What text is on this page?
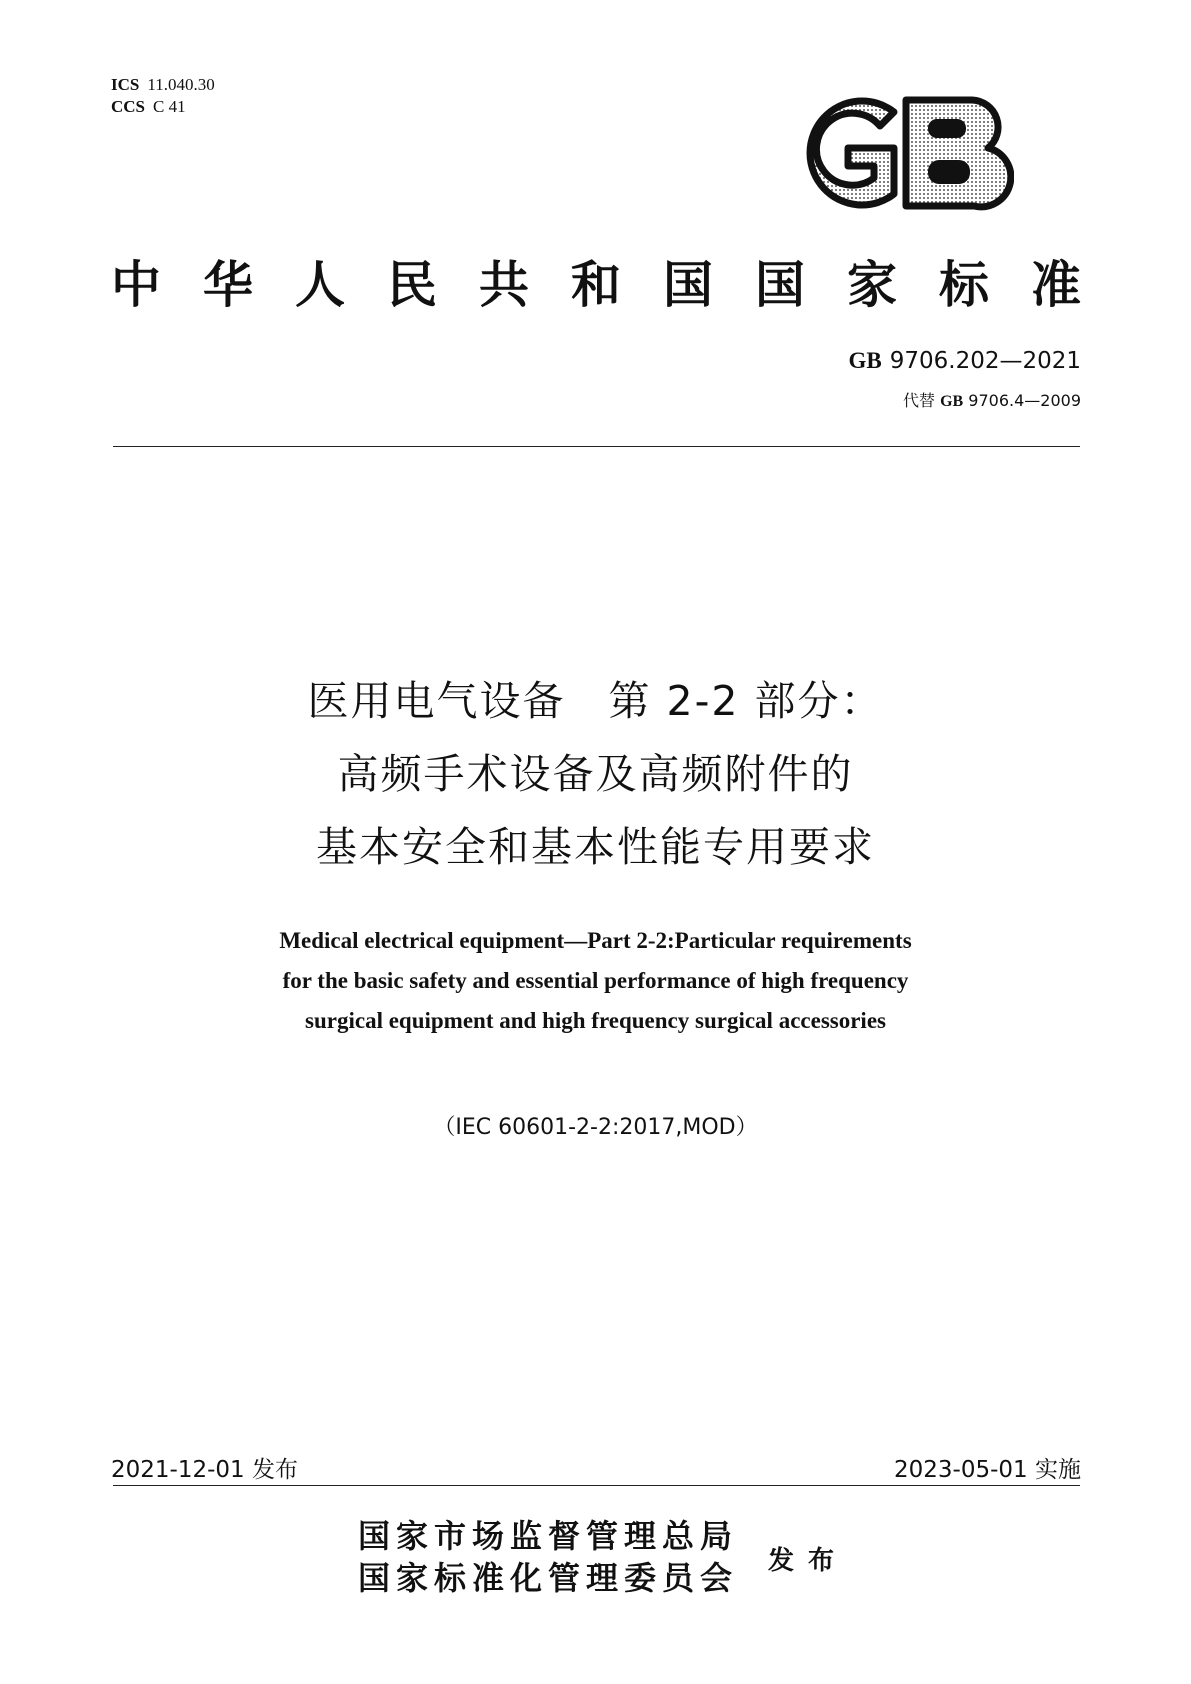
ICS 11.040.30
CCS C 41
中 华 人 民 共 和 国 国 家 标 准
GB 9706.202—2021
代替 GB 9706.4—2009
医用电气设备　第 2-2 部分：
高频手术设备及高频附件的
基本安全和基本性能专用要求
Medical electrical equipment—Part 2-2:Particular requirements
for the basic safety and essential performance of high frequency
surgical equipment and high frequency surgical accessories
（IEC 60601-2-2:2017,MOD）
2021-12-01 发布	2023-05-01 实施
国家市场监督管理总局
国家标准化管理委员会 发布
